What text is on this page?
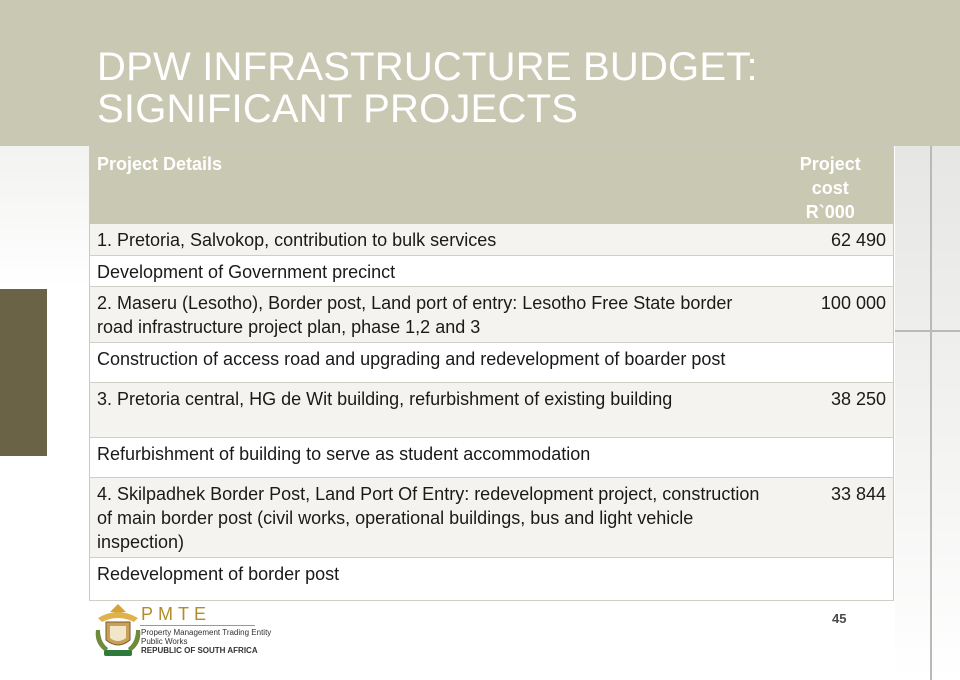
DPW INFRASTRUCTURE BUDGET:
SIGNIFICANT PROJECTS
Project Details	Project cost
R`000

1. Pretoria, Salvokop, contribution to bulk services	62 490
Development of Government precinct	
2. Maseru (Lesotho), Border post, Land port of entry: Lesotho Free State border road infrastructure project plan, phase 1,2 and 3	100 000
Construction of access road and upgrading and redevelopment of boarder post	
3. Pretoria central, HG de Wit building, refurbishment of existing building	38 250
Refurbishment of building to serve as student accommodation	
4. Skilpadhek Border Post, Land Port Of Entry: redevelopment project, construction of main border post (civil works, operational buildings, bus and light vehicle inspection)	33 844
Redevelopment of border post	
PMTE
Property Management Trading Entity
Public Works
REPUBLIC OF SOUTH AFRICA
45
